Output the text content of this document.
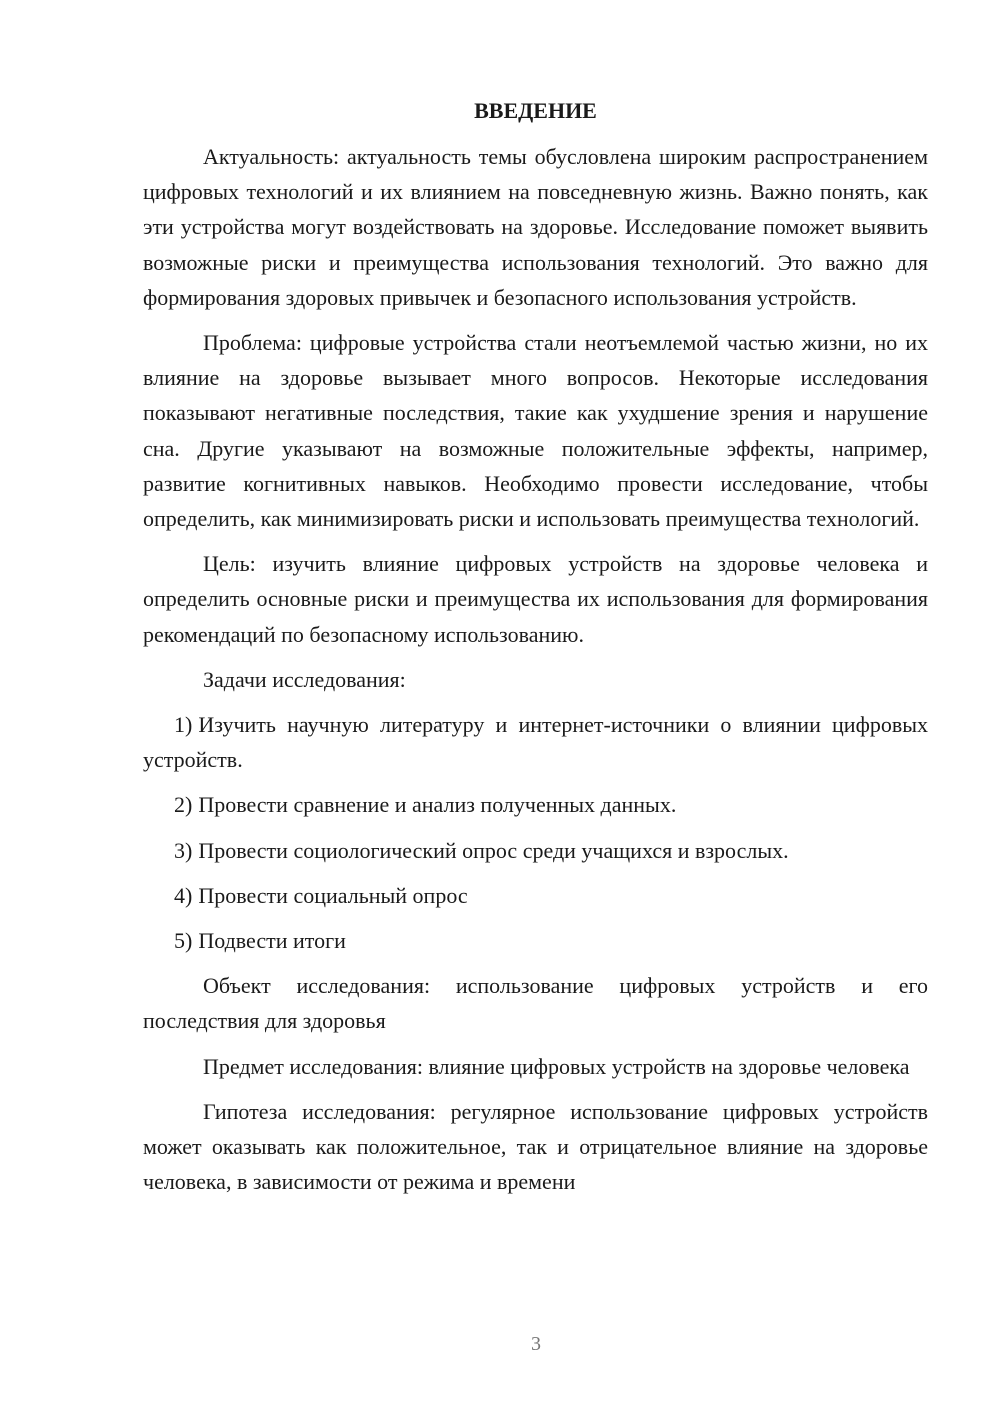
ВВЕДЕНИЕ

Актуальность: актуальность темы обусловлена широким распространением цифровых технологий и их влиянием на повседневную жизнь. Важно понять, как эти устройства могут воздействовать на здоровье. Исследование поможет выявить возможные риски и преимущества использования технологий. Это важно для формирования здоровых привычек и безопасного использования устройств.

Проблема: цифровые устройства стали неотъемлемой частью жизни, но их влияние на здоровье вызывает много вопросов. Некоторые исследования показывают негативные последствия, такие как ухудшение зрения и нарушение сна. Другие указывают на возможные положительные эффекты, например, развитие когнитивных навыков. Необходимо провести исследование, чтобы определить, как минимизировать риски и использовать преимущества технологий.

Цель: изучить влияние цифровых устройств на здоровье человека и определить основные риски и преимущества их использования для формирования рекомендаций по безопасному использованию.

Задачи исследования:

1) Изучить научную литературу и интернет-источники о влиянии цифровых устройств.

2) Провести сравнение и анализ полученных данных.

3) Провести социологический опрос среди учащихся и взрослых.

4) Провести социальный опрос

5) Подвести итоги

Объект исследования: использование цифровых устройств и его последствия для здоровья

Предмет исследования: влияние цифровых устройств на здоровье человека

Гипотеза исследования: регулярное использование цифровых устройств может оказывать как положительное, так и отрицательное влияние на здоровье человека, в зависимости от режима и времени

3
